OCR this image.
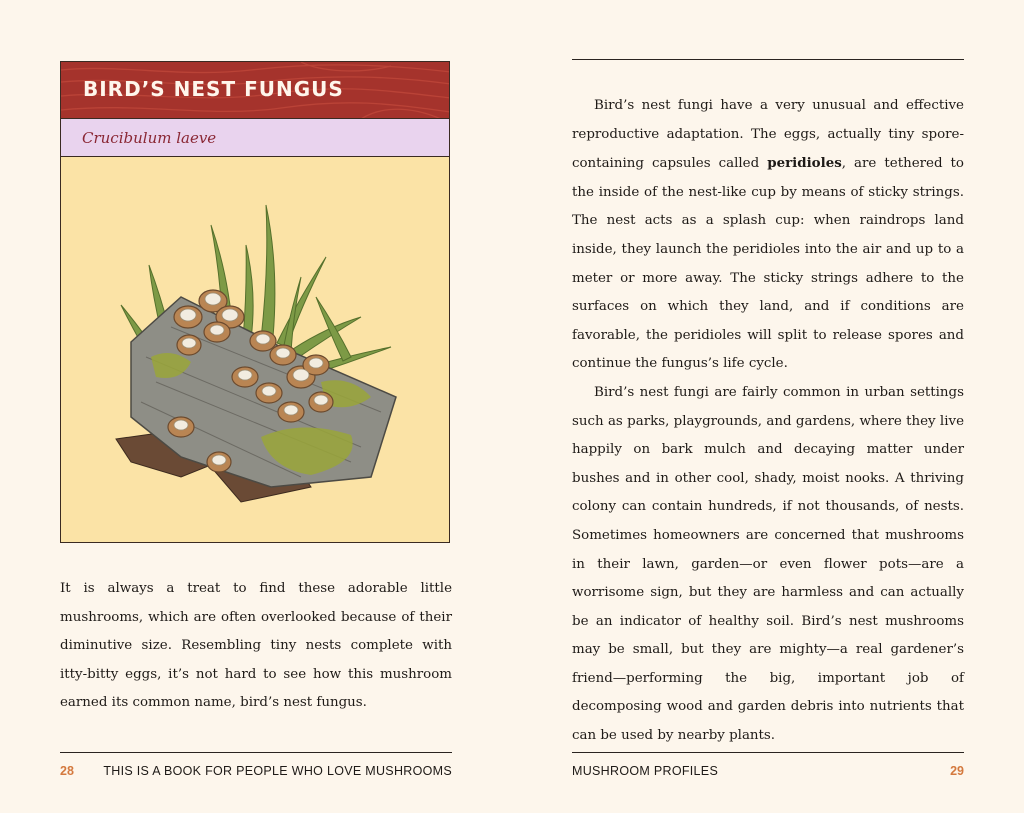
BIRD’S NEST FUNGUS
Crucibulum laeve

It is always a treat to find these adorable little mushrooms, which are often overlooked because of their diminutive size. Resembling tiny nests complete with itty-bitty eggs, it’s not hard to see how this mushroom earned its common name, bird’s nest fungus.

28 THIS IS A BOOK FOR PEOPLE WHO LOVE MUSHROOMS

Bird’s nest fungi have a very unusual and effective reproductive adaptation. The eggs, actually tiny spore-containing capsules called peridioles, are tethered to the inside of the nest-like cup by means of sticky strings. The nest acts as a splash cup: when raindrops land inside, they launch the peridioles into the air and up to a meter or more away. The sticky strings adhere to the surfaces on which they land, and if conditions are favorable, the peridioles will split to release spores and continue the fungus’s life cycle.

Bird’s nest fungi are fairly common in urban settings such as parks, playgrounds, and gardens, where they live happily on bark mulch and decaying matter under bushes and in other cool, shady, moist nooks. A thriving colony can contain hundreds, if not thousands, of nests. Sometimes homeowners are concerned that mushrooms in their lawn, garden—or even flower pots—are a worrisome sign, but they are harmless and can actually be an indicator of healthy soil. Bird’s nest mushrooms may be small, but they are mighty—a real gardener’s friend—performing the big, important job of decomposing wood and garden debris into nutrients that can be used by nearby plants.

MUSHROOM PROFILES	29
